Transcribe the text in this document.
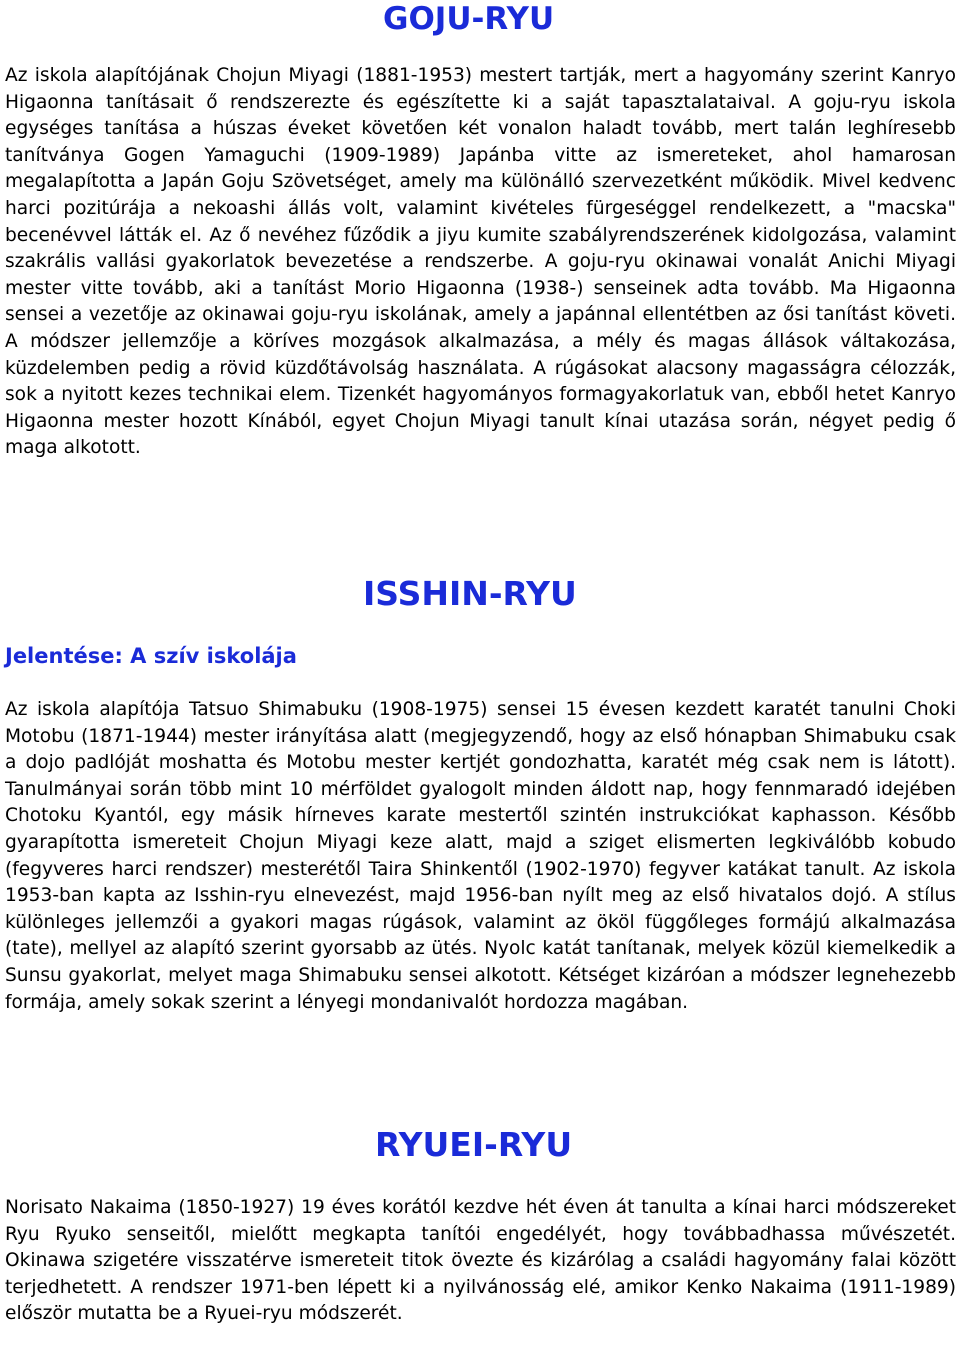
GOJU-RYU

Az iskola alapítójának Chojun Miyagi (1881-1953) mestert tartják, mert a hagyomány szerint Kanryo Higaonna tanításait ő rendszerezte és egészítette ki a saját tapasztalataival. A goju-ryu iskola egységes tanítása a húszas éveket követően két vonalon haladt tovább, mert talán leghíresebb tanítványa Gogen Yamaguchi (1909-1989) Japánba vitte az ismereteket, ahol hamarosan megalapította a Japán Goju Szövetséget, amely ma különálló szervezetként működik. Mivel kedvenc harci pozitúrája a nekoashi állás volt, valamint kivételes fürgeséggel rendelkezett, a "macska" becenévvel látták el. Az ő nevéhez fűződik a jiyu kumite szabályrendszerének kidolgozása, valamint szakrális vallási gyakorlatok bevezetése a rendszerbe. A goju-ryu okinawai vonalát Anichi Miyagi mester vitte tovább, aki a tanítást Morio Higaonna (1938-) senseinek adta tovább. Ma Higaonna sensei a vezetője az okinawai goju-ryu iskolának, amely a japánnal ellentétben az ősi tanítást követi. A módszer jellemzője a köríves mozgások alkalmazása, a mély és magas állások váltakozása, küzdelemben pedig a rövid küzdőtávolság használata. A rúgásokat alacsony magasságra célozzák, sok a nyitott kezes technikai elem. Tizenkét hagyományos formagyakorlatuk van, ebből hetet Kanryo Higaonna mester hozott Kínából, egyet Chojun Miyagi tanult kínai utazása során, négyet pedig ő maga alkotott.

ISSHIN-RYU
Jelentése: A szív iskolája

Az iskola alapítója Tatsuo Shimabuku (1908-1975) sensei 15 évesen kezdett karatét tanulni Choki Motobu (1871-1944) mester irányítása alatt (megjegyzendő, hogy az első hónapban Shimabuku csak a dojo padlóját moshatta és Motobu mester kertjét gondozhatta, karatét még csak nem is látott). Tanulmányai során több mint 10 mérföldet gyalogolt minden áldott nap, hogy fennmaradó idejében Chotoku Kyantól, egy másik hírneves karate mestertől szintén instrukciókat kaphasson. Később gyarapította ismereteit Chojun Miyagi keze alatt, majd a sziget elismerten legkiválóbb kobudo (fegyveres harci rendszer) mesterétől Taira Shinkentől (1902-1970) fegyver katákat tanult. Az iskola 1953-ban kapta az Isshin-ryu elnevezést, majd 1956-ban nyílt meg az első hivatalos dojó. A stílus különleges jellemzői a gyakori magas rúgások, valamint az ököl függőleges formájú alkalmazása (tate), mellyel az alapító szerint gyorsabb az ütés. Nyolc katát tanítanak, melyek közül kiemelkedik a Sunsu gyakorlat, melyet maga Shimabuku sensei alkotott. Kétséget kizáróan a módszer legnehezebb formája, amely sokak szerint a lényegi mondanivalót hordozza magában.

RYUEI-RYU

Norisato Nakaima (1850-1927) 19 éves korától kezdve hét éven át tanulta a kínai harci módszereket Ryu Ryuko senseitől, mielőtt megkapta tanítói engedélyét, hogy továbbadhassa művészetét. Okinawa szigetére visszatérve ismereteit titok övezte és kizárólag a családi hagyomány falai között terjedhetett. A rendszer 1971-ben lépett ki a nyilvánosság elé, amikor Kenko Nakaima (1911-1989) először mutatta be a Ryuei-ryu módszerét.
